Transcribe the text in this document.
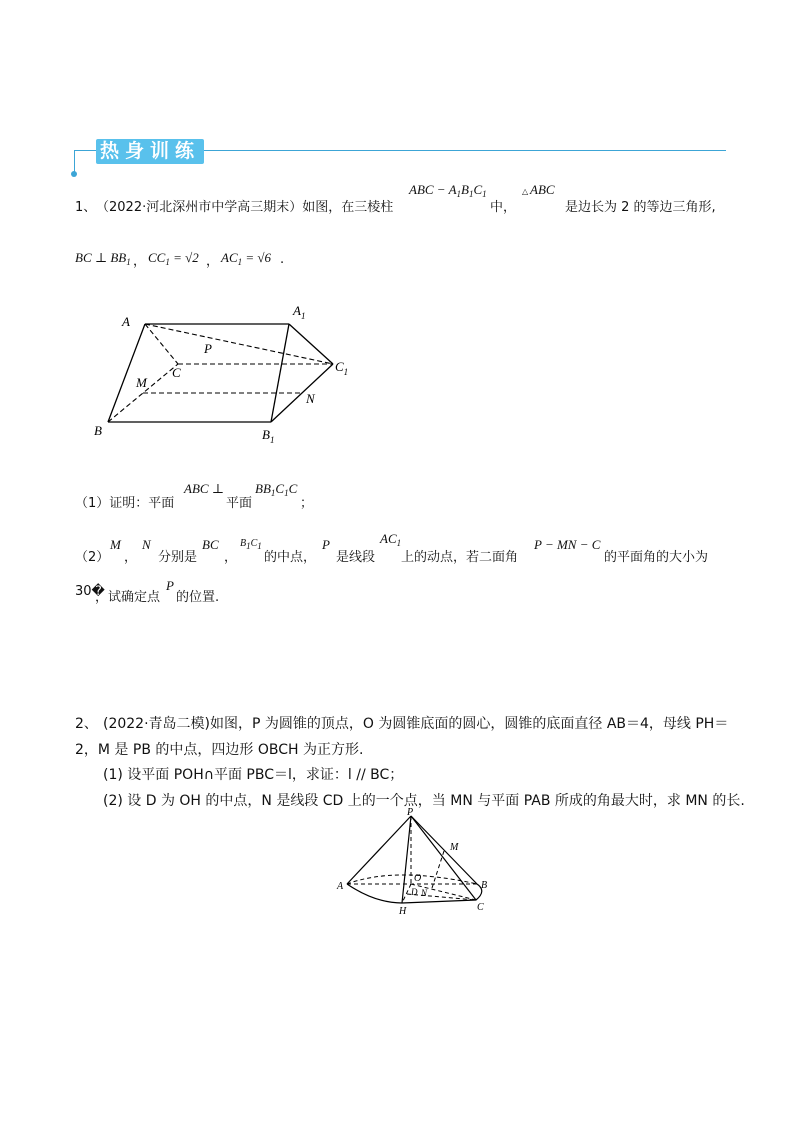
热身训练
1、 （2022·河北深州市中学高三期末）如图，在三棱柱
ABC − $A_1B_1C_1$
中，
△ ABC
是边长为 2 的等边三角形,
BC ⊥ $BB_1$ ， $CC_1 = √2$ ， $AC_1 = √6$ .
A
$A_1$
P
C	$C_1$
M
N
B	$B_1$
（1）证明：平面
ABC ⊥
平面
$BB_1C_1C$
；
（2）
M
，
N
分别是
BC
，
$B_1C_1$
的中点，
P
是线段
$AC_1$
上的动点，若二面角
P − MN − C
的平面角的大小为
30�
，试确定点
P
的位置.
2、 (2022·青岛二模)如图，P 为圆锥的顶点，O 为圆锥底面的圆心，圆锥的底面直径 AB＝4，母线 PH＝
2，M 是 PB 的中点，四边形 OBCH 为正方形.
(1) 设平面 POH∩平面 PBC＝l，求证：l // BC；
(2) 设 D 为 OH 的中点，N 是线段 CD 上的一个点，当 MN 与平面 PAB 所成的角最大时，求 MN 的长.
P
M
A
O
B
D N
H	C
